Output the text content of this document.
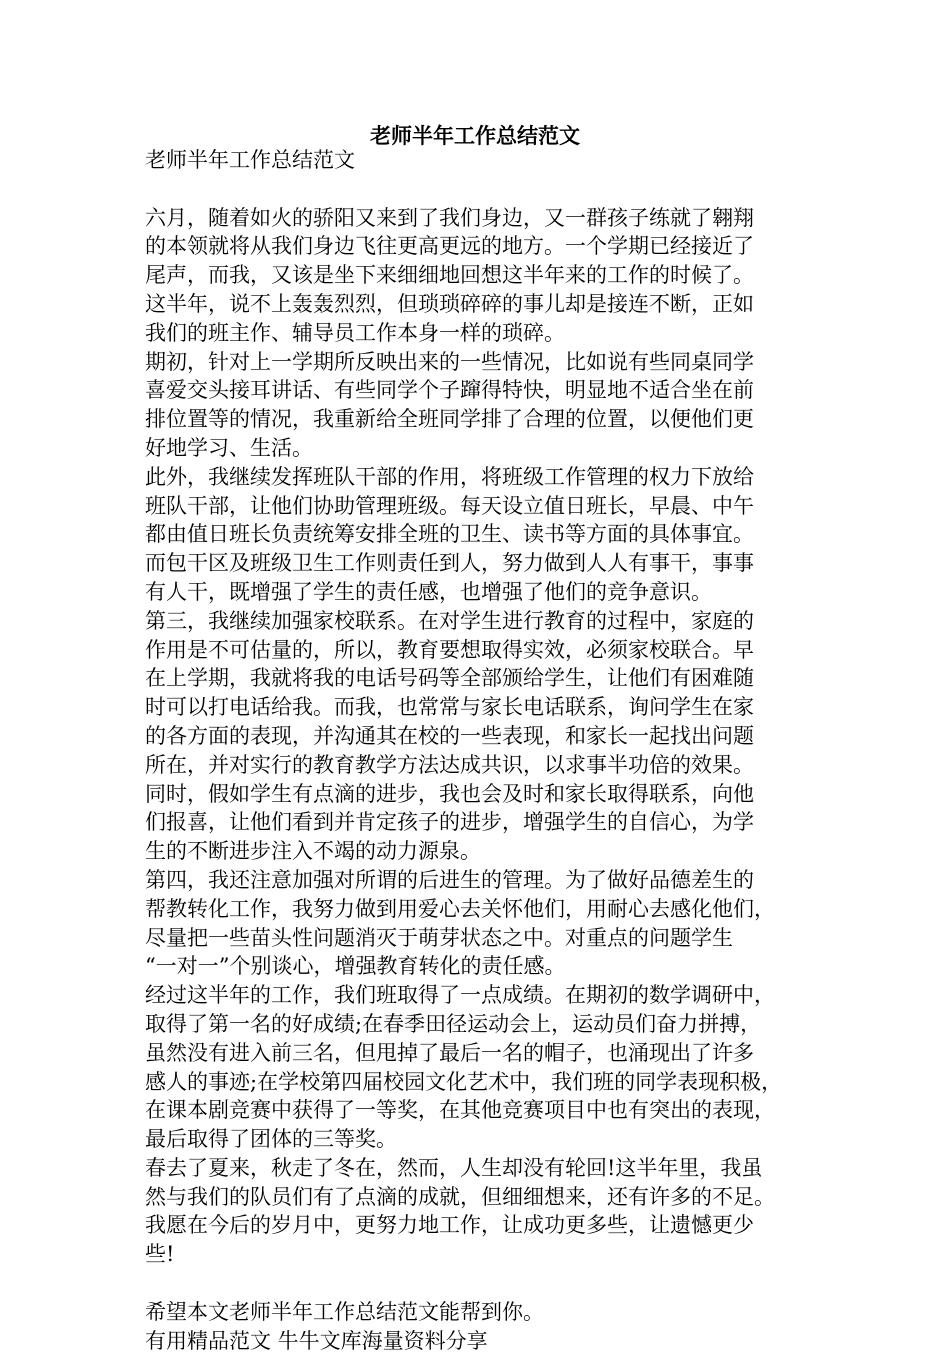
老师半年工作总结范文
老师半年工作总结范文
六月，随着如火的骄阳又来到了我们身边，又一群孩子练就了翱翔
的本领就将从我们身边飞往更高更远的地方。一个学期已经接近了
尾声，而我，又该是坐下来细细地回想这半年来的工作的时候了。
这半年，说不上轰轰烈烈，但琐琐碎碎的事儿却是接连不断，正如
我们的班主作、辅导员工作本身一样的琐碎。
期初，针对上一学期所反映出来的一些情况，比如说有些同桌同学
喜爱交头接耳讲话、有些同学个子蹿得特快，明显地不适合坐在前
排位置等的情况，我重新给全班同学排了合理的位置，以便他们更
好地学习、生活。
此外，我继续发挥班队干部的作用，将班级工作管理的权力下放给
班队干部，让他们协助管理班级。每天设立值日班长，早晨、中午
都由值日班长负责统筹安排全班的卫生、读书等方面的具体事宜。
而包干区及班级卫生工作则责任到人，努力做到人人有事干，事事
有人干，既增强了学生的责任感，也增强了他们的竞争意识。
第三，我继续加强家校联系。在对学生进行教育的过程中，家庭的
作用是不可估量的，所以，教育要想取得实效，必须家校联合。早
在上学期，我就将我的电话号码等全部颁给学生，让他们有困难随
时可以打电话给我。而我，也常常与家长电话联系，询问学生在家
的各方面的表现，并沟通其在校的一些表现，和家长一起找出问题
所在，并对实行的教育教学方法达成共识，以求事半功倍的效果。
同时，假如学生有点滴的进步，我也会及时和家长取得联系，向他
们报喜，让他们看到并肯定孩子的进步，增强学生的自信心，为学
生的不断进步注入不竭的动力源泉。
第四，我还注意加强对所谓的后进生的管理。为了做好品德差生的
帮教转化工作，我努力做到用爱心去关怀他们，用耐心去感化他们，
尽量把一些苗头性问题消灭于萌芽状态之中。对重点的问题学生
“一对一”个别谈心，增强教育转化的责任感。
经过这半年的工作，我们班取得了一点成绩。在期初的数学调研中，
取得了第一名的好成绩;在春季田径运动会上，运动员们奋力拼搏，
虽然没有进入前三名，但甩掉了最后一名的帽子，也涌现出了许多
感人的事迹;在学校第四届校园文化艺术中，我们班的同学表现积极，
在课本剧竞赛中获得了一等奖，在其他竞赛项目中也有突出的表现，
最后取得了团体的三等奖。
春去了夏来，秋走了冬在，然而，人生却没有轮回!这半年里，我虽
然与我们的队员们有了点滴的成就，但细细想来，还有许多的不足。
我愿在今后的岁月中，更努力地工作，让成功更多些，让遗憾更少
些!
希望本文老师半年工作总结范文能帮到你。
有用精品范文 牛牛文库海量资料分享
